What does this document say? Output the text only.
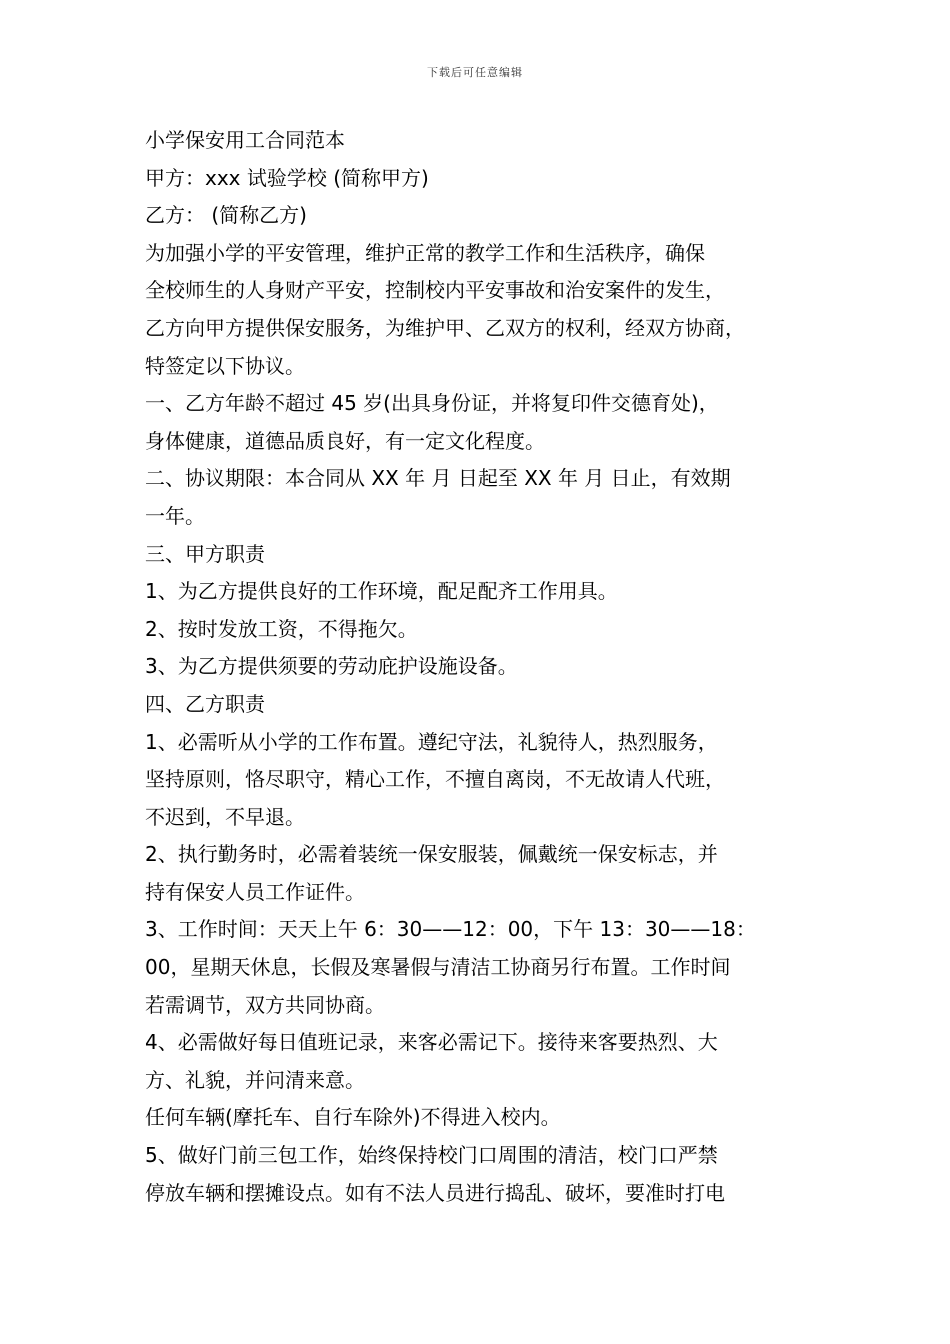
下载后可任意编辑

小学保安用工合同范本

甲方：xxx 试验学校 (简称甲方)

乙方： (简称乙方)

为加强小学的平安管理，维护正常的教学工作和生活秩序，确保

全校师生的人身财产平安，控制校内平安事故和治安案件的发生，

乙方向甲方提供保安服务，为维护甲、乙双方的权利，经双方协商，

特签定以下协议。

一、乙方年龄不超过 45 岁(出具身份证，并将复印件交德育处)，

身体健康，道德品质良好，有一定文化程度。

二、协议期限：本合同从 XX 年 月 日起至 XX 年 月 日止，有效期

一年。

三、甲方职责

1、为乙方提供良好的工作环境，配足配齐工作用具。

2、按时发放工资，不得拖欠。

3、为乙方提供须要的劳动庇护设施设备。

四、乙方职责

1、必需听从小学的工作布置。遵纪守法，礼貌待人，热烈服务，

坚持原则，恪尽职守，精心工作，不擅自离岗，不无故请人代班，

不迟到，不早退。

2、执行勤务时，必需着装统一保安服装，佩戴统一保安标志，并

持有保安人员工作证件。

3、工作时间：天天上午 6：30——12：00，下午 13：30——18：

00，星期天休息，长假及寒暑假与清洁工协商另行布置。工作时间

若需调节，双方共同协商。

4、必需做好每日值班记录，来客必需记下。接待来客要热烈、大

方、礼貌，并问清来意。

任何车辆(摩托车、自行车除外)不得进入校内。

5、做好门前三包工作，始终保持校门口周围的清洁，校门口严禁

停放车辆和摆摊设点。如有不法人员进行捣乱、破坏，要准时打电
